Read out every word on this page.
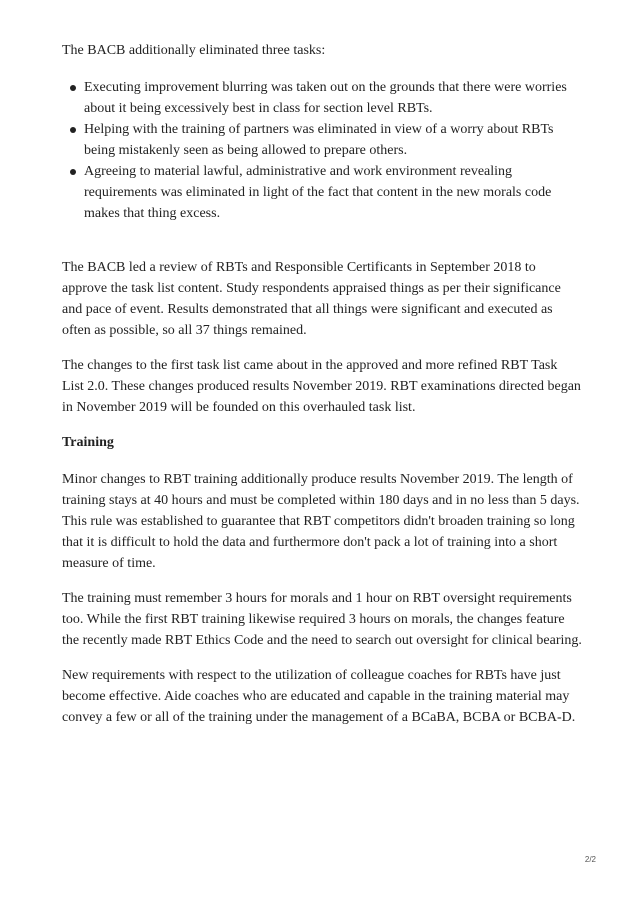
The BACB additionally eliminated three tasks:

Executing improvement blurring was taken out on the grounds that there were worries about it being excessively best in class for section level RBTs.
Helping with the training of partners was eliminated in view of a worry about RBTs being mistakenly seen as being allowed to prepare others.
Agreeing to material lawful, administrative and work environment revealing requirements was eliminated in light of the fact that content in the new morals code makes that thing excess.

The BACB led a review of RBTs and Responsible Certificants in September 2018 to approve the task list content. Study respondents appraised things as per their significance and pace of event. Results demonstrated that all things were significant and executed as often as possible, so all 37 things remained.

The changes to the first task list came about in the approved and more refined RBT Task List 2.0. These changes produced results November 2019. RBT examinations directed began in November 2019 will be founded on this overhauled task list.

Training

Minor changes to RBT training additionally produce results November 2019. The length of training stays at 40 hours and must be completed within 180 days and in no less than 5 days. This rule was established to guarantee that RBT competitors didn't broaden training so long that it is difficult to hold the data and furthermore don't pack a lot of training into a short measure of time.

The training must remember 3 hours for morals and 1 hour on RBT oversight requirements too. While the first RBT training likewise required 3 hours on morals, the changes feature the recently made RBT Ethics Code and the need to search out oversight for clinical bearing.

New requirements with respect to the utilization of colleague coaches for RBTs have just become effective. Aide coaches who are educated and capable in the training material may convey a few or all of the training under the management of a BCaBA, BCBA or BCBA-D.

2/2
